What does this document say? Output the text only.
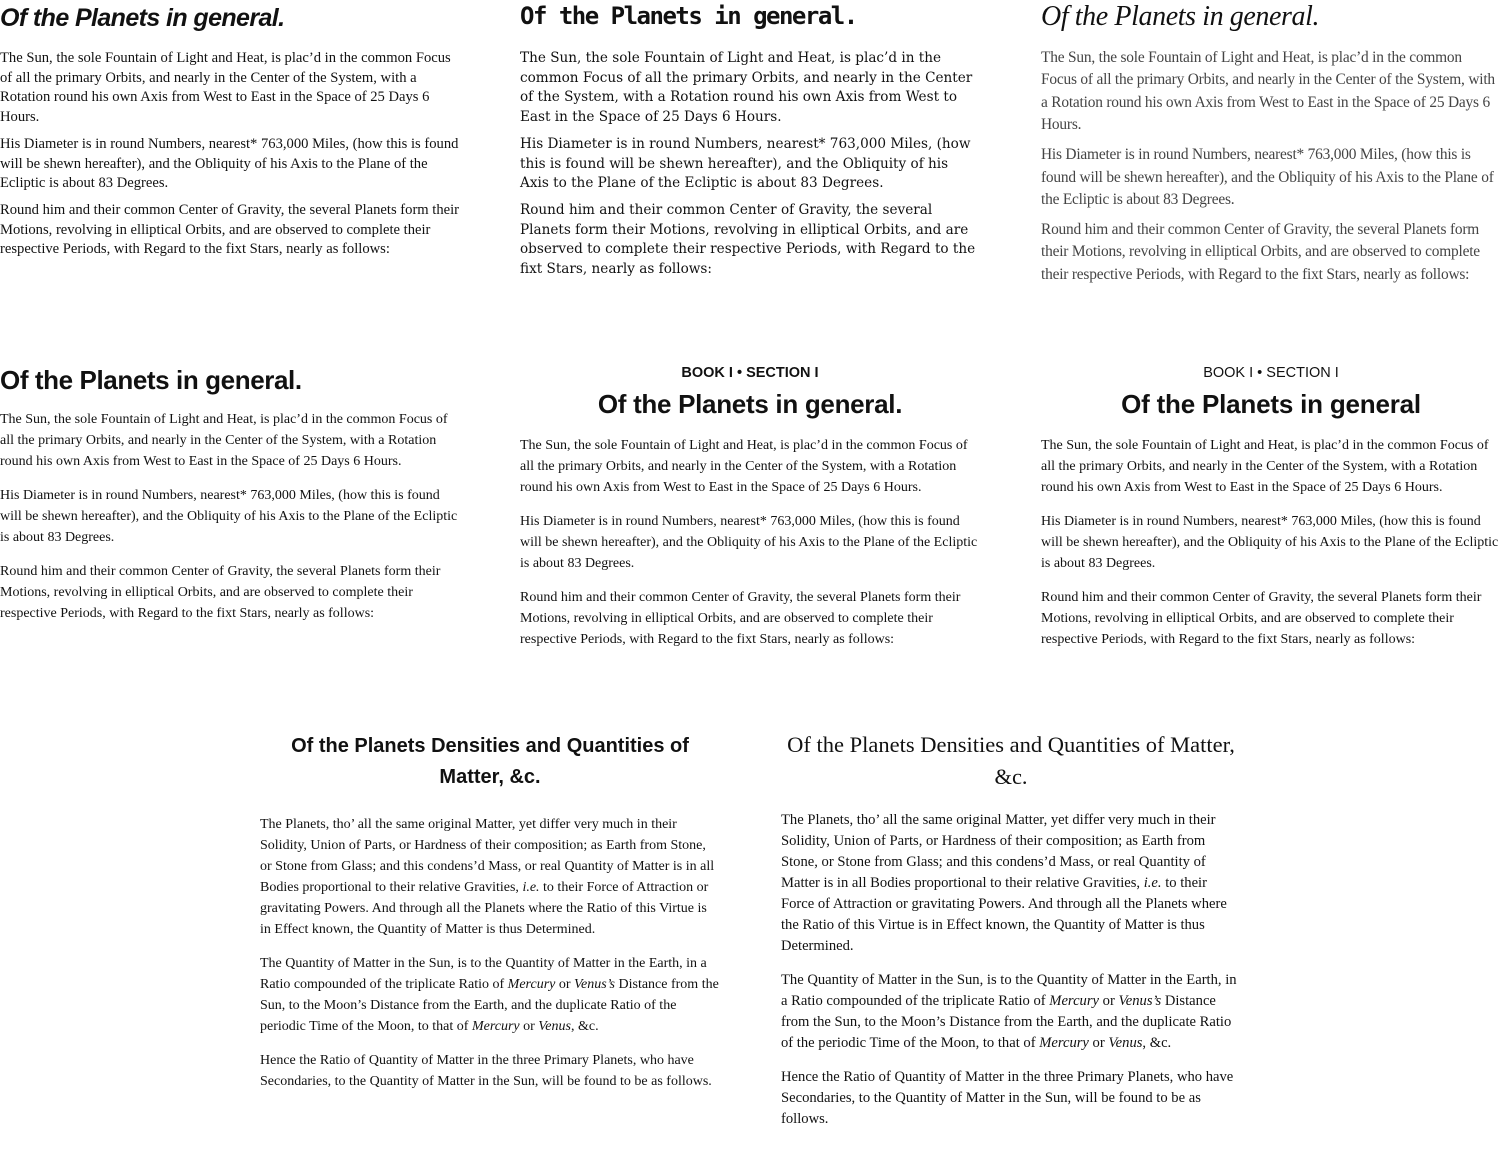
Of the Planets in general.

The Sun, the sole Fountain of Light and Heat, is plac’d in the common Focus of all the primary Orbits, and nearly in the Center of the System, with a Rotation round his own Axis from West to East in the Space of 25 Days 6 Hours.

His Diameter is in round Numbers, nearest* 763,000 Miles, (how this is found will be shewn hereafter), and the Obliquity of his Axis to the Plane of the Ecliptic is about 83 Degrees.

Round him and their common Center of Gravity, the several Planets form their Motions, revolving in elliptical Orbits, and are observed to complete their respective Periods, with Regard to the fixt Stars, nearly as follows:

Of the Planets in general.

The Sun, the sole Fountain of Light and Heat, is plac’d in the common Focus of all the primary Orbits, and nearly in the Center of the System, with a Rotation round his own Axis from West to East in the Space of 25 Days 6 Hours.

His Diameter is in round Numbers, nearest* 763,000 Miles, (how this is found will be shewn hereafter), and the Obliquity of his Axis to the Plane of the Ecliptic is about 83 Degrees.

Round him and their common Center of Gravity, the several Planets form their Motions, revolving in elliptical Orbits, and are observed to complete their respective Periods, with Regard to the fixt Stars, nearly as follows:

Of the Planets in general.

The Sun, the sole Fountain of Light and Heat, is plac’d in the common Focus of all the primary Orbits, and nearly in the Center of the System, with a Rotation round his own Axis from West to East in the Space of 25 Days 6 Hours.

His Diameter is in round Numbers, nearest* 763,000 Miles, (how this is found will be shewn hereafter), and the Obliquity of his Axis to the Plane of the Ecliptic is about 83 Degrees.

Round him and their common Center of Gravity, the several Planets form their Motions, revolving in elliptical Orbits, and are observed to complete their respective Periods, with Regard to the fixt Stars, nearly as follows:

Of the Planets in general.

The Sun, the sole Fountain of Light and Heat, is plac’d in the common Focus of all the primary Orbits, and nearly in the Center of the System, with a Rotation round his own Axis from West to East in the Space of 25 Days 6 Hours.

His Diameter is in round Numbers, nearest* 763,000 Miles, (how this is found will be shewn hereafter), and the Obliquity of his Axis to the Plane of the Ecliptic is about 83 Degrees.

Round him and their common Center of Gravity, the several Planets form their Motions, revolving in elliptical Orbits, and are observed to complete their respective Periods, with Regard to the fixt Stars, nearly as follows:

BOOK I • SECTION I
Of the Planets in general.

The Sun, the sole Fountain of Light and Heat, is plac’d in the common Focus of all the primary Orbits, and nearly in the Center of the System, with a Rotation round his own Axis from West to East in the Space of 25 Days 6 Hours.

His Diameter is in round Numbers, nearest* 763,000 Miles, (how this is found will be shewn hereafter), and the Obliquity of his Axis to the Plane of the Ecliptic is about 83 Degrees.

Round him and their common Center of Gravity, the several Planets form their Motions, revolving in elliptical Orbits, and are observed to complete their respective Periods, with Regard to the fixt Stars, nearly as follows:

BOOK I • SECTION I
Of the Planets in general

The Sun, the sole Fountain of Light and Heat, is plac’d in the common Focus of all the primary Orbits, and nearly in the Center of the System, with a Rotation round his own Axis from West to East in the Space of 25 Days 6 Hours.

His Diameter is in round Numbers, nearest* 763,000 Miles, (how this is found will be shewn hereafter), and the Obliquity of his Axis to the Plane of the Ecliptic is about 83 Degrees.

Round him and their common Center of Gravity, the several Planets form their Motions, revolving in elliptical Orbits, and are observed to complete their respective Periods, with Regard to the fixt Stars, nearly as follows:

Of the Planets Densities and Quantities of Matter, &c.

The Planets, tho’ all the same original Matter, yet differ very much in their Solidity, Union of Parts, or Hardness of their composition; as Earth from Stone, or Stone from Glass; and this condens’d Mass, or real Quantity of Matter is in all Bodies proportional to their relative Gravities, i.e. to their Force of Attraction or gravitating Powers. And through all the Planets where the Ratio of this Virtue is in Effect known, the Quantity of Matter is thus Determined.

The Quantity of Matter in the Sun, is to the Quantity of Matter in the Earth, in a Ratio compounded of the triplicate Ratio of Mercury or Venus’s Distance from the Sun, to the Moon’s Distance from the Earth, and the duplicate Ratio of the periodic Time of the Moon, to that of Mercury or Venus, &c.

Hence the Ratio of Quantity of Matter in the three Primary Planets, who have Secondaries, to the Quantity of Matter in the Sun, will be found to be as follows.

Of the Planets Densities and Quantities of Matter, &c.

The Planets, tho’ all the same original Matter, yet differ very much in their Solidity, Union of Parts, or Hardness of their composition; as Earth from Stone, or Stone from Glass; and this condens’d Mass, or real Quantity of Matter is in all Bodies proportional to their relative Gravities, i.e. to their Force of Attraction or gravitating Powers. And through all the Planets where the Ratio of this Virtue is in Effect known, the Quantity of Matter is thus Determined.

The Quantity of Matter in the Sun, is to the Quantity of Matter in the Earth, in a Ratio compounded of the triplicate Ratio of Mercury or Venus’s Distance from the Sun, to the Moon’s Distance from the Earth, and the duplicate Ratio of the periodic Time of the Moon, to that of Mercury or Venus, &c.

Hence the Ratio of Quantity of Matter in the three Primary Planets, who have Secondaries, to the Quantity of Matter in the Sun, will be found to be as follows.
